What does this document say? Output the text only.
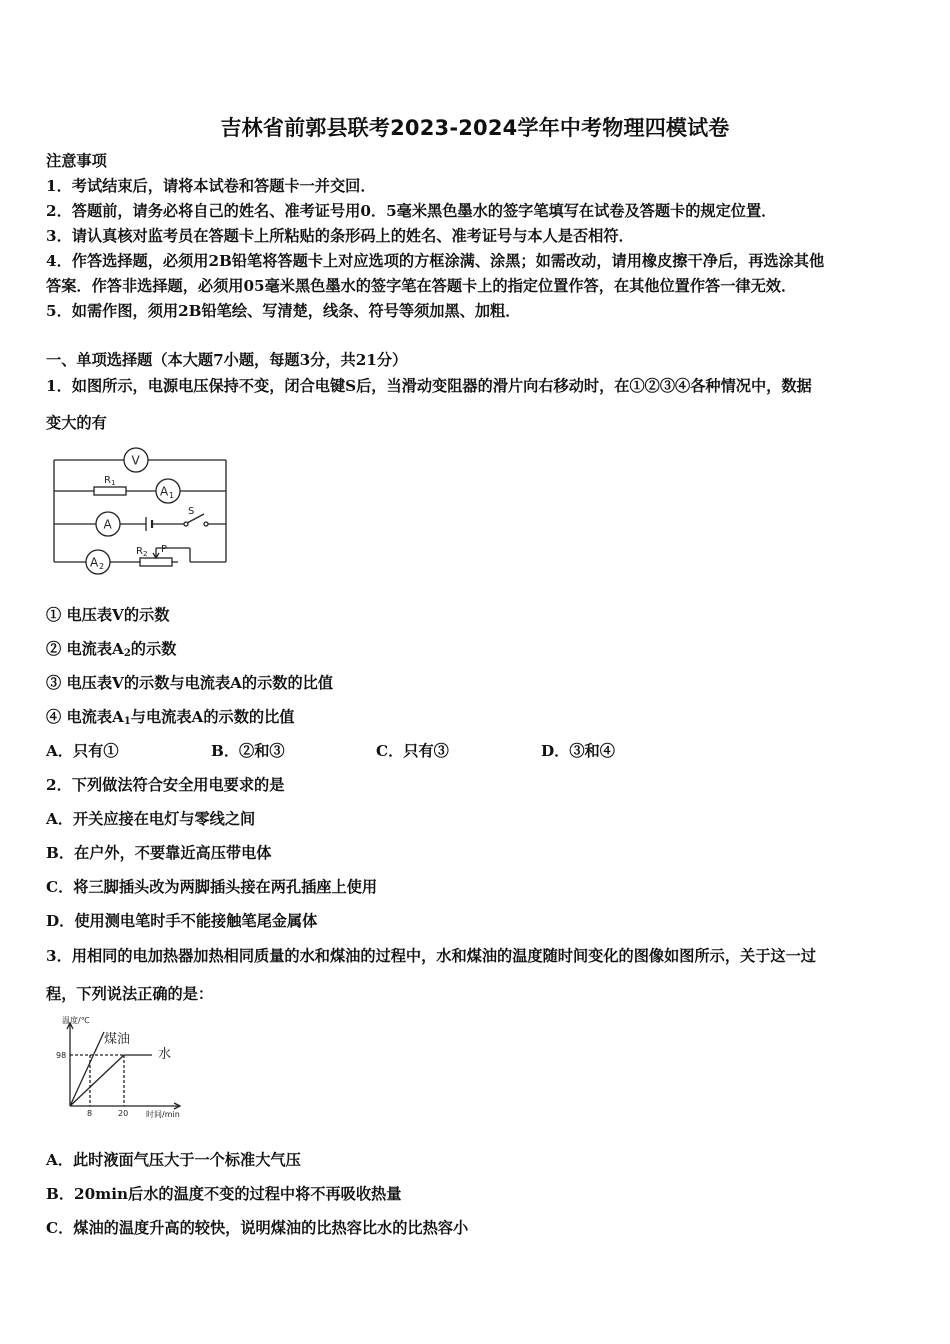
吉林省前郭县联考2023-2024学年中考物理四模试卷
注意事项
1．考试结束后，请将本试卷和答题卡一并交回．
2．答题前，请务必将自己的姓名、准考证号用0．5毫米黑色墨水的签字笔填写在试卷及答题卡的规定位置．
3．请认真核对监考员在答题卡上所粘贴的条形码上的姓名、准考证号与本人是否相符．
4．作答选择题，必须用2B铅笔将答题卡上对应选项的方框涂满、涂黑；如需改动，请用橡皮擦干净后，再选涂其他
答案．作答非选择题，必须用05毫米黑色墨水的签字笔在答题卡上的指定位置作答，在其他位置作答一律无效．
5．如需作图，须用2B铅笔绘、写清楚，线条、符号等须加黑、加粗．
一、单项选择题（本大题7小题，每题3分，共21分）
1．如图所示，电源电压保持不变，闭合电键S后，当滑动变阻器的滑片向右移动时，在①②③④各种情况中，数据
变大的有
V
A 1
A
A 2
R 1
R 2
S
P
① 电压表V的示数
② 电流表$A_2$的示数
③ 电压表V的示数与电流表A的示数的比值
④ 电流表$A_1$与电流表A的示数的比值
A．只有①	B．②和③	C．只有③	D．③和④
2．下列做法符合安全用电要求的是
A．开关应接在电灯与零线之间
B．在户外，不要靠近高压带电体
C．将三脚插头改为两脚插头接在两孔插座上使用
D．使用测电笔时手不能接触笔尾金属体
3．用相同的电加热器加热相同质量的水和煤油的过程中，水和煤油的温度随时间变化的图像如图所示，关于这一过
程，下列说法正确的是：
温度/℃
时间/min
98
8	20
煤油
水
A．此时液面气压大于一个标准大气压
B．20min后水的温度不变的过程中将不再吸收热量
C．煤油的温度升高的较快，说明煤油的比热容比水的比热容小
